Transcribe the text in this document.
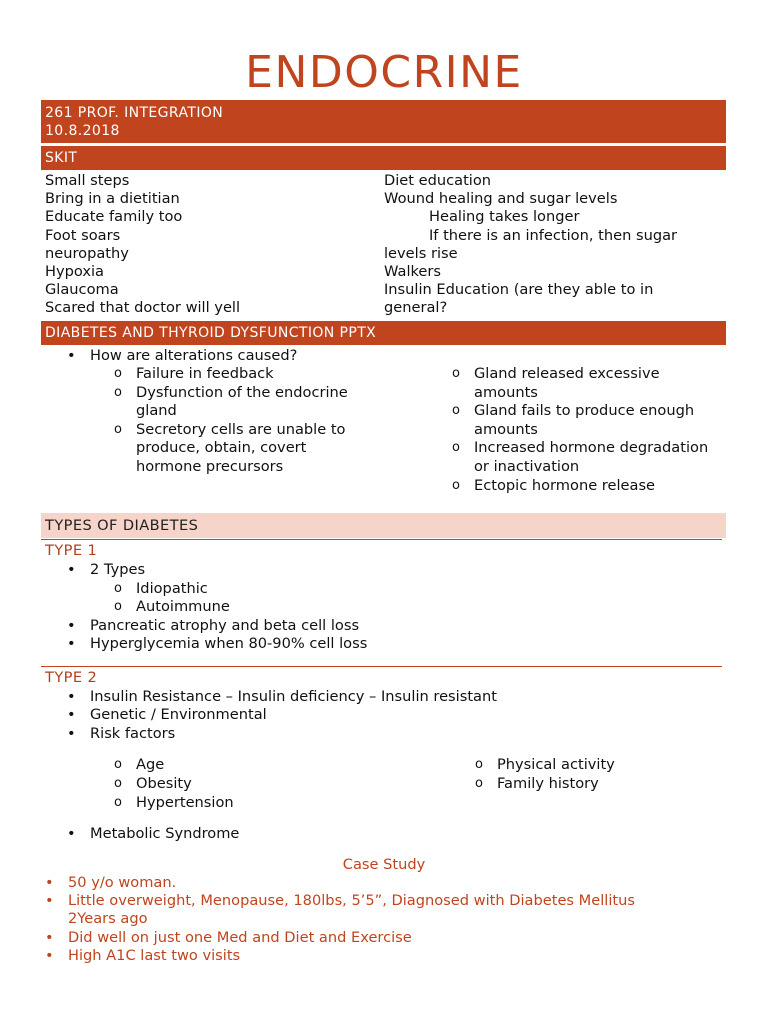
ENDOCRINE
261 PROF. INTEGRATION
10.8.2018
SKIT
Small steps
Bring in a dietitian
Educate family too
Foot soars
neuropathy
Hypoxia
Glaucoma
Scared that doctor will yell
Diet education
Wound healing and sugar levels
Healing takes longer
If there is an infection, then sugar
levels rise
Walkers
Insulin Education (are they able to in
general?
DIABETES AND THYROID DYSFUNCTION PPTX
• How are alterations caused?
o Failure in feedback
o Dysfunction of the endocrine
gland
o Secretory cells are unable to
produce, obtain, covert
hormone precursors
o Gland released excessive
amounts
o Gland fails to produce enough
amounts
o Increased hormone degradation
or inactivation
o Ectopic hormone release
TYPES OF DIABETES
TYPE 1
• 2 Types
o Idiopathic
o Autoimmune
• Pancreatic atrophy and beta cell loss
• Hyperglycemia when 80-90% cell loss
TYPE 2
• Insulin Resistance – Insulin deficiency – Insulin resistant
• Genetic / Environmental
• Risk factors
o Age
o Obesity
o Hypertension
o Physical activity
o Family history
• Metabolic Syndrome
Case Study
• 50 y/o woman.
• Little overweight, Menopause, 180lbs, 5’5”, Diagnosed with Diabetes Mellitus
2Years ago
• Did well on just one Med and Diet and Exercise
• High A1C last two visits
